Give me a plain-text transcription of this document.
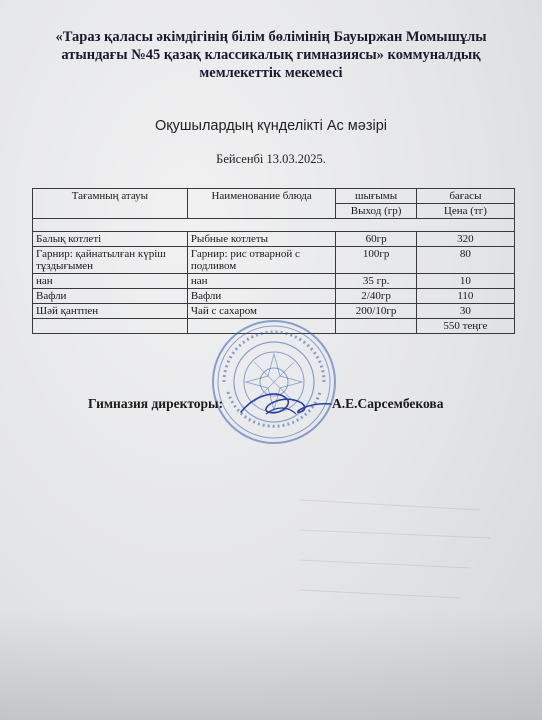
«Тараз қаласы әкімдігінің білім бөлімінің Бауыржан Момышұлы
атындағы №45 қазақ классикалық гимназиясы» коммуналдық
мемлекеттік мекемесі
Оқушылардың күнделікті Ас мәзірі
Бейсенбі 13.03.2025.
Тағамның атауы	Наименование блюда	шығымы	бағасы
		Выход (гр)	Цена (тг)

Балық котлеті	Рыбные котлеты	60гр	320
Гарнир: қайнатылған күріш тұздығымен	Гарнир: рис отварной с подливом	100гр	80
нан	нан	35 гр.	10
Вафли	Вафли	2/40гр	110
Шәй қантпен	Чай с сахаром	200/10гр	30
			550 теңге
Гимназия директоры:	А.Е.Сарсембекова
